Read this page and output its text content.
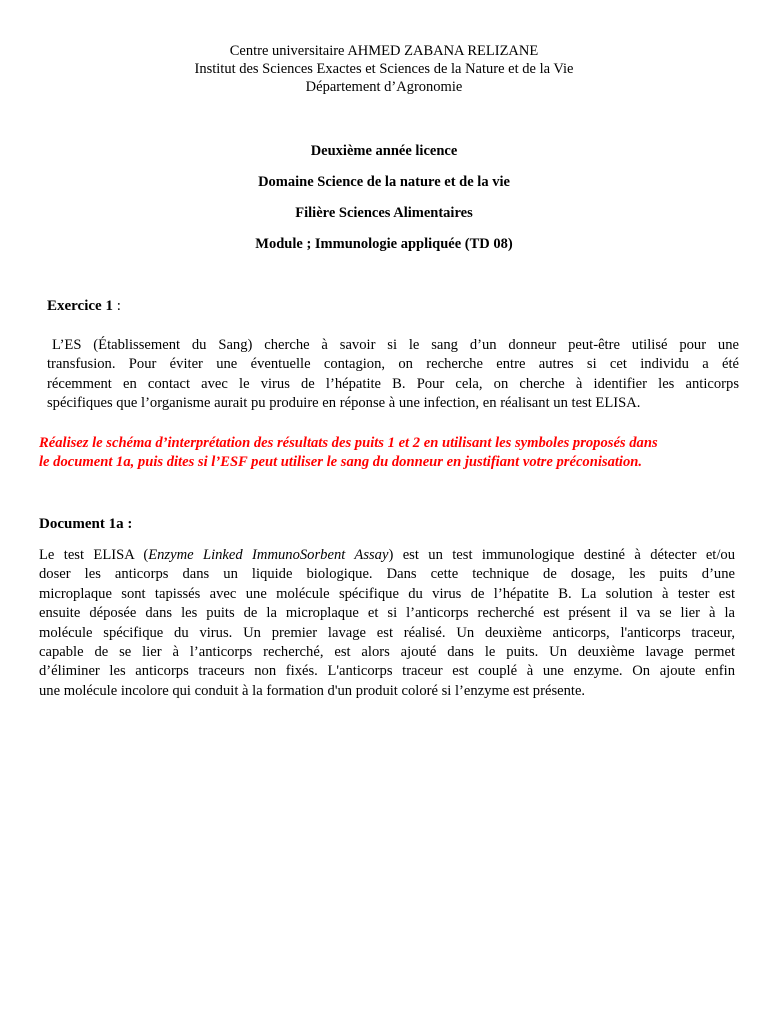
Centre universitaire AHMED ZABANA RELIZANE
Institut des Sciences Exactes et Sciences de la Nature et de la Vie
Département d’Agronomie
Deuxième année licence
Domaine Science de la nature et de la vie
Filière Sciences Alimentaires
Module ; Immunologie appliquée (TD 08)
Exercice 1 :
L’ES (Établissement du Sang) cherche à savoir si le sang d’un donneur peut-être utilisé pour une
transfusion. Pour éviter une éventuelle contagion, on recherche entre autres si cet individu a été
récemment en contact avec le virus de l’hépatite B. Pour cela, on cherche à identifier les anticorps
spécifiques que l’organisme aurait pu produire en réponse à une infection, en réalisant un test ELISA.
Réalisez le schéma d’interprétation des résultats des puits 1 et 2 en utilisant les symboles proposés dans
le document 1a, puis dites si l’ESF peut utiliser le sang du donneur en justifiant votre préconisation.
Document 1a :
Le test ELISA (Enzyme Linked ImmunoSorbent Assay) est un test immunologique destiné à détecter et/ou
doser les anticorps dans un liquide biologique. Dans cette technique de dosage, les puits d’une
microplaque sont tapissés avec une molécule spécifique du virus de l’hépatite B. La solution à tester est
ensuite déposée dans les puits de la microplaque et si l’anticorps recherché est présent il va se lier à la
molécule spécifique du virus. Un premier lavage est réalisé. Un deuxième anticorps, l'anticorps traceur,
capable de se lier à l’anticorps recherché, est alors ajouté dans le puits. Un deuxième lavage permet
d’éliminer les anticorps traceurs non fixés. L'anticorps traceur est couplé à une enzyme. On ajoute enfin
une molécule incolore qui conduit à la formation d'un produit coloré si l’enzyme est présente.
